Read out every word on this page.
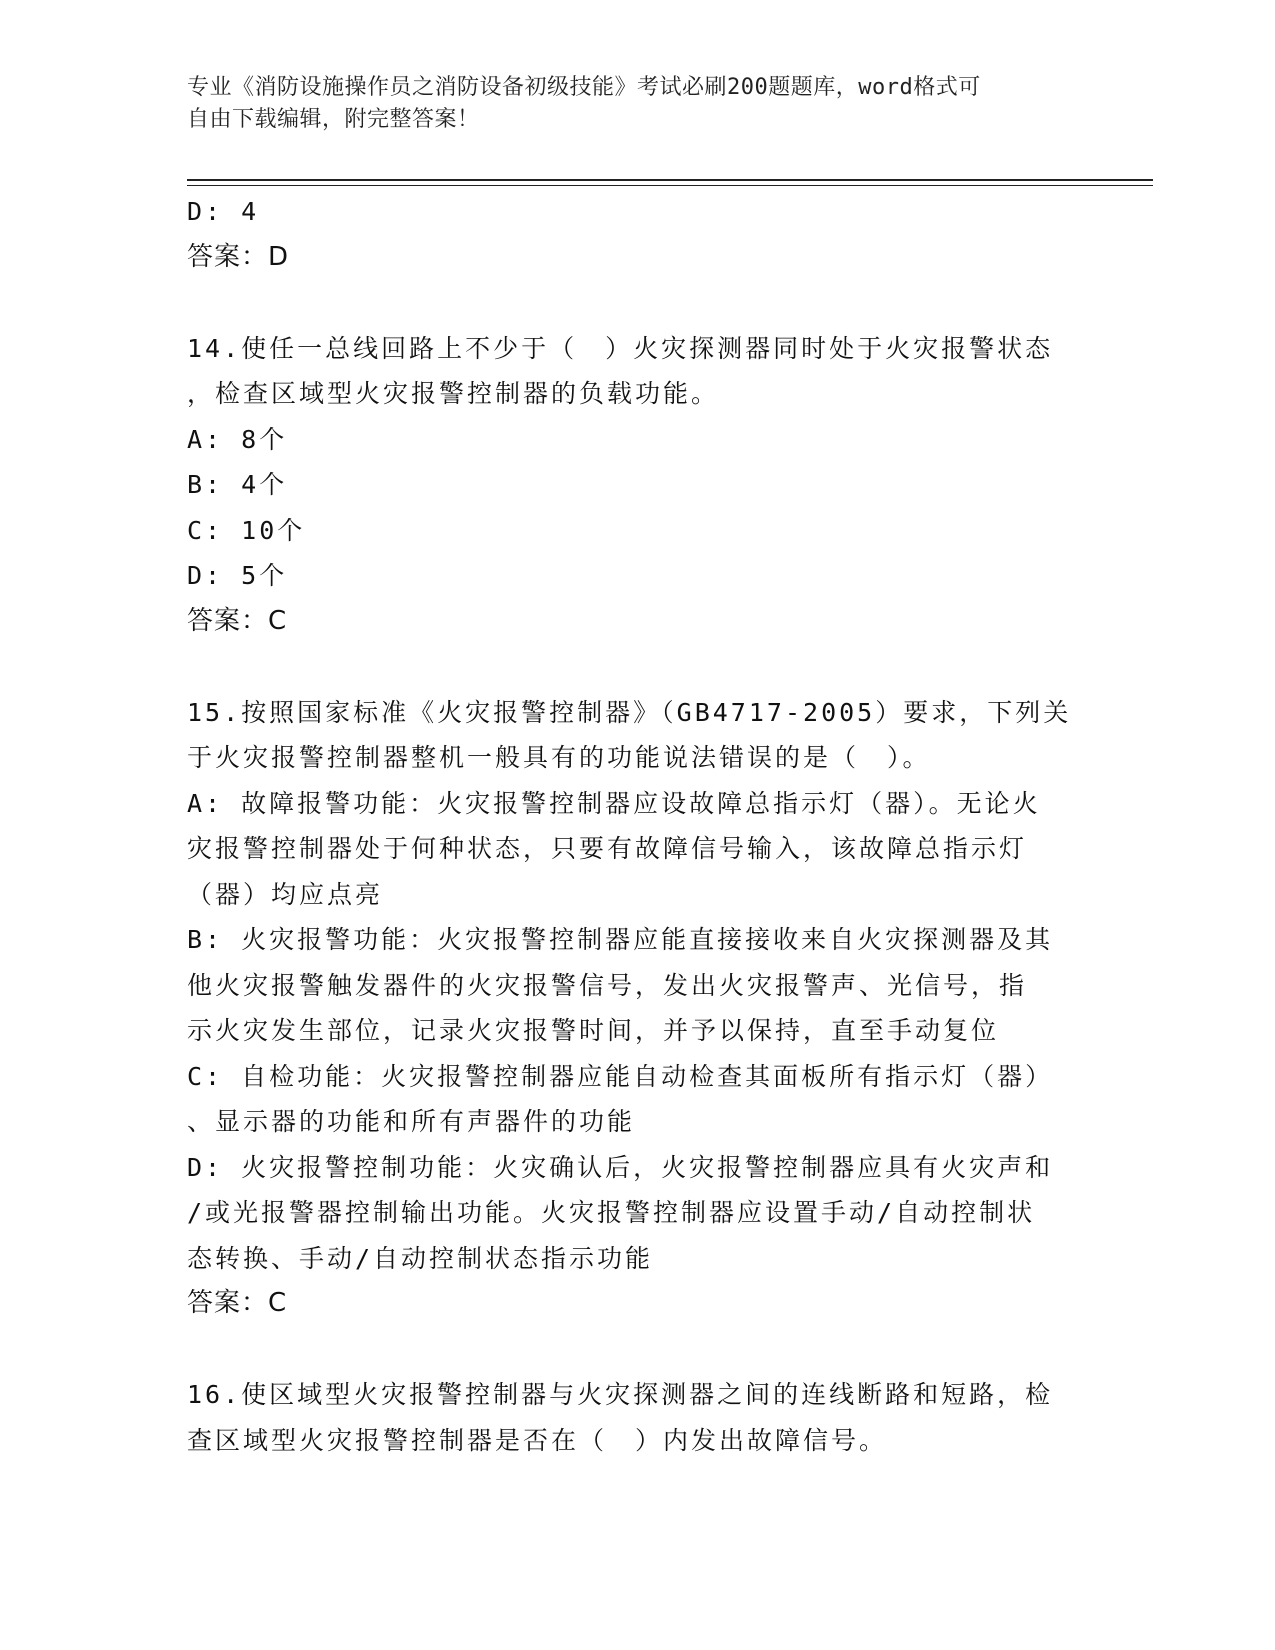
专业《消防设施操作员之消防设备初级技能》考试必刷200题题库，word格式可
自由下载编辑，附完整答案！
D: 4
答案：D
14.使任一总线回路上不少于（　）火灾探测器同时处于火灾报警状态
，检查区域型火灾报警控制器的负载功能。
A: 8个
B: 4个
C: 10个
D: 5个
答案：C
15.按照国家标准《火灾报警控制器》（GB4717-2005）要求，下列关
于火灾报警控制器整机一般具有的功能说法错误的是（　）。
A: 故障报警功能：火灾报警控制器应设故障总指示灯（器）。无论火
灾报警控制器处于何种状态，只要有故障信号输入，该故障总指示灯
（器）均应点亮
B: 火灾报警功能：火灾报警控制器应能直接接收来自火灾探测器及其
他火灾报警触发器件的火灾报警信号，发出火灾报警声、光信号，指
示火灾发生部位，记录火灾报警时间，并予以保持，直至手动复位
C: 自检功能：火灾报警控制器应能自动检查其面板所有指示灯（器）
、显示器的功能和所有声器件的功能
D: 火灾报警控制功能：火灾确认后，火灾报警控制器应具有火灾声和
/或光报警器控制输出功能。火灾报警控制器应设置手动/自动控制状
态转换、手动/自动控制状态指示功能
答案：C
16.使区域型火灾报警控制器与火灾探测器之间的连线断路和短路，检
查区域型火灾报警控制器是否在（　）内发出故障信号。
